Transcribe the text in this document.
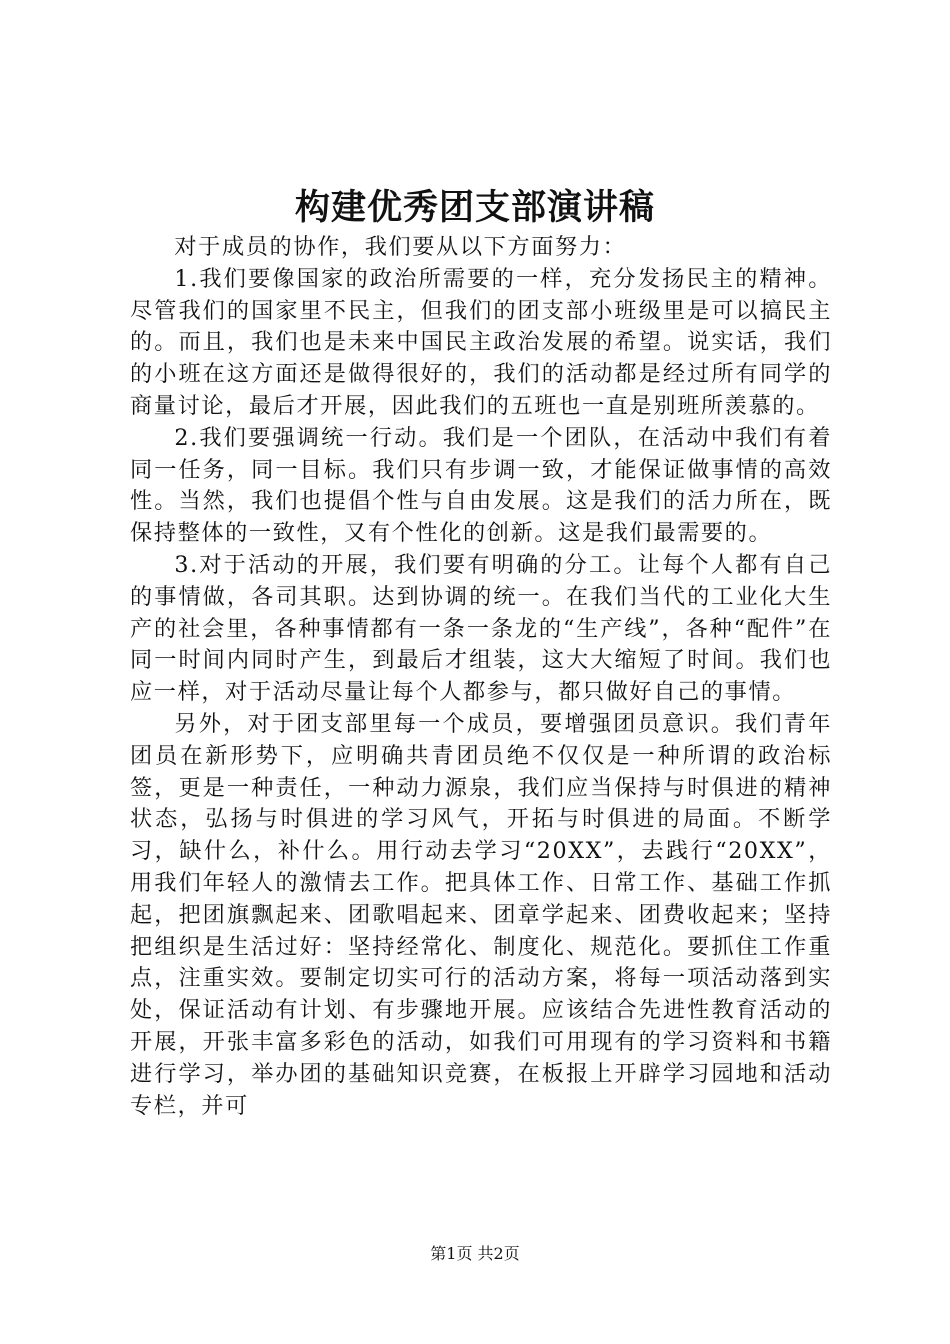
构建优秀团支部演讲稿

对于成员的协作，我们要从以下方面努力：

1.我们要像国家的政治所需要的一样，充分发扬民主的精神。尽管我们的国家里不民主，但我们的团支部小班级里是可以搞民主的。而且，我们也是未来中国民主政治发展的希望。说实话，我们的小班在这方面还是做得很好的，我们的活动都是经过所有同学的商量讨论，最后才开展，因此我们的五班也一直是别班所羡慕的。

2.我们要强调统一行动。我们是一个团队，在活动中我们有着同一任务，同一目标。我们只有步调一致，才能保证做事情的高效性。当然，我们也提倡个性与自由发展。这是我们的活力所在，既保持整体的一致性，又有个性化的创新。这是我们最需要的。

3.对于活动的开展，我们要有明确的分工。让每个人都有自己的事情做，各司其职。达到协调的统一。在我们当代的工业化大生产的社会里，各种事情都有一条一条龙的“生产线”，各种“配件”在同一时间内同时产生，到最后才组装，这大大缩短了时间。我们也应一样，对于活动尽量让每个人都参与，都只做好自己的事情。

另外，对于团支部里每一个成员，要增强团员意识。我们青年团员在新形势下，应明确共青团员绝不仅仅是一种所谓的政治标签，更是一种责任，一种动力源泉，我们应当保持与时俱进的精神状态，弘扬与时俱进的学习风气，开拓与时俱进的局面。不断学习，缺什么，补什么。用行动去学习“20XX”，去践行“20XX”，用我们年轻人的激情去工作。把具体工作、日常工作、基础工作抓起，把团旗飘起来、团歌唱起来、团章学起来、团费收起来；坚持把组织是生活过好：坚持经常化、制度化、规范化。要抓住工作重点，注重实效。要制定切实可行的活动方案，将每一项活动落到实处，保证活动有计划、有步骤地开展。应该结合先进性教育活动的开展，开张丰富多彩色的活动，如我们可用现有的学习资料和书籍进行学习，举办团的基础知识竞赛，在板报上开辟学习园地和活动专栏，并可

第1页 共2页
